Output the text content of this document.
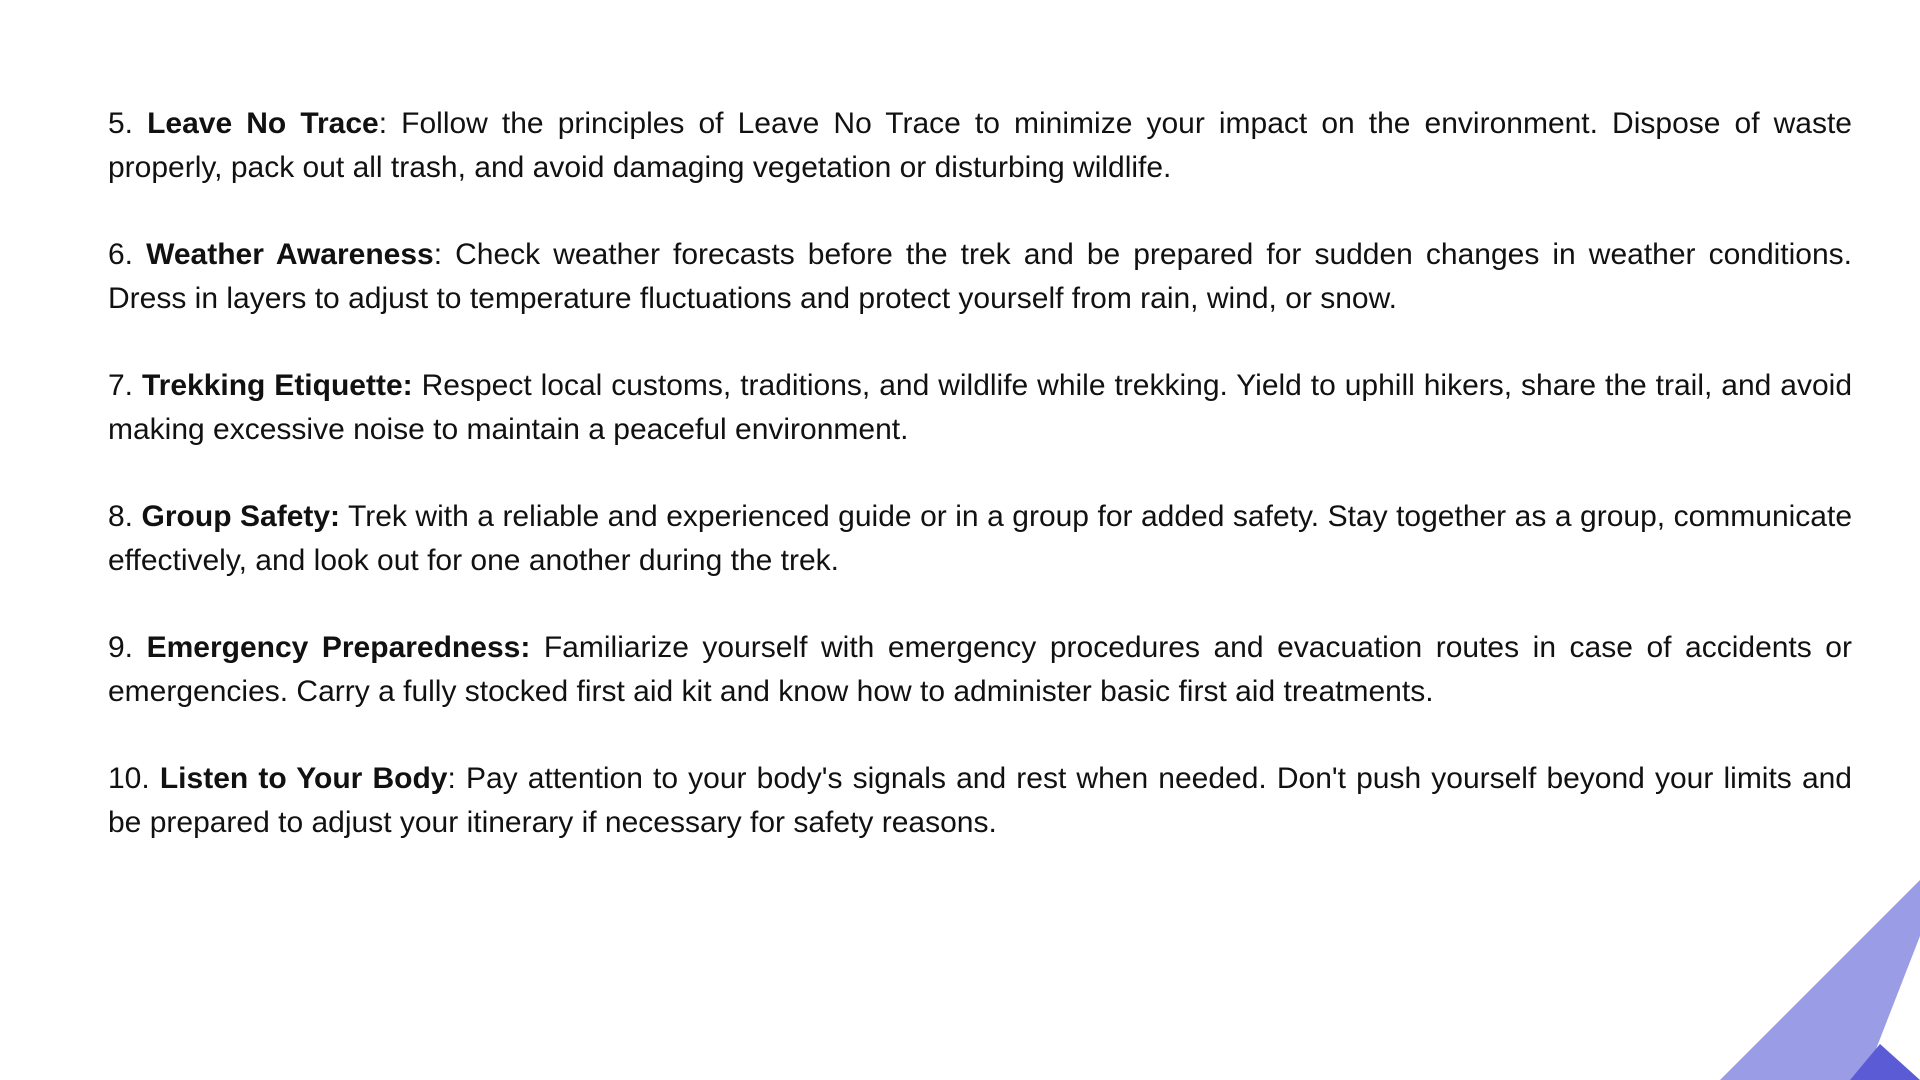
5. Leave No Trace: Follow the principles of Leave No Trace to minimize your impact on the environment. Dispose of waste properly, pack out all trash, and avoid damaging vegetation or disturbing wildlife.

6. Weather Awareness: Check weather forecasts before the trek and be prepared for sudden changes in weather conditions. Dress in layers to adjust to temperature fluctuations and protect yourself from rain, wind, or snow.

7. Trekking Etiquette: Respect local customs, traditions, and wildlife while trekking. Yield to uphill hikers, share the trail, and avoid making excessive noise to maintain a peaceful environment.

8. Group Safety: Trek with a reliable and experienced guide or in a group for added safety. Stay together as a group, communicate effectively, and look out for one another during the trek.

9. Emergency Preparedness: Familiarize yourself with emergency procedures and evacuation routes in case of accidents or emergencies. Carry a fully stocked first aid kit and know how to administer basic first aid treatments.

10. Listen to Your Body: Pay attention to your body's signals and rest when needed. Don't push yourself beyond your limits and be prepared to adjust your itinerary if necessary for safety reasons.
